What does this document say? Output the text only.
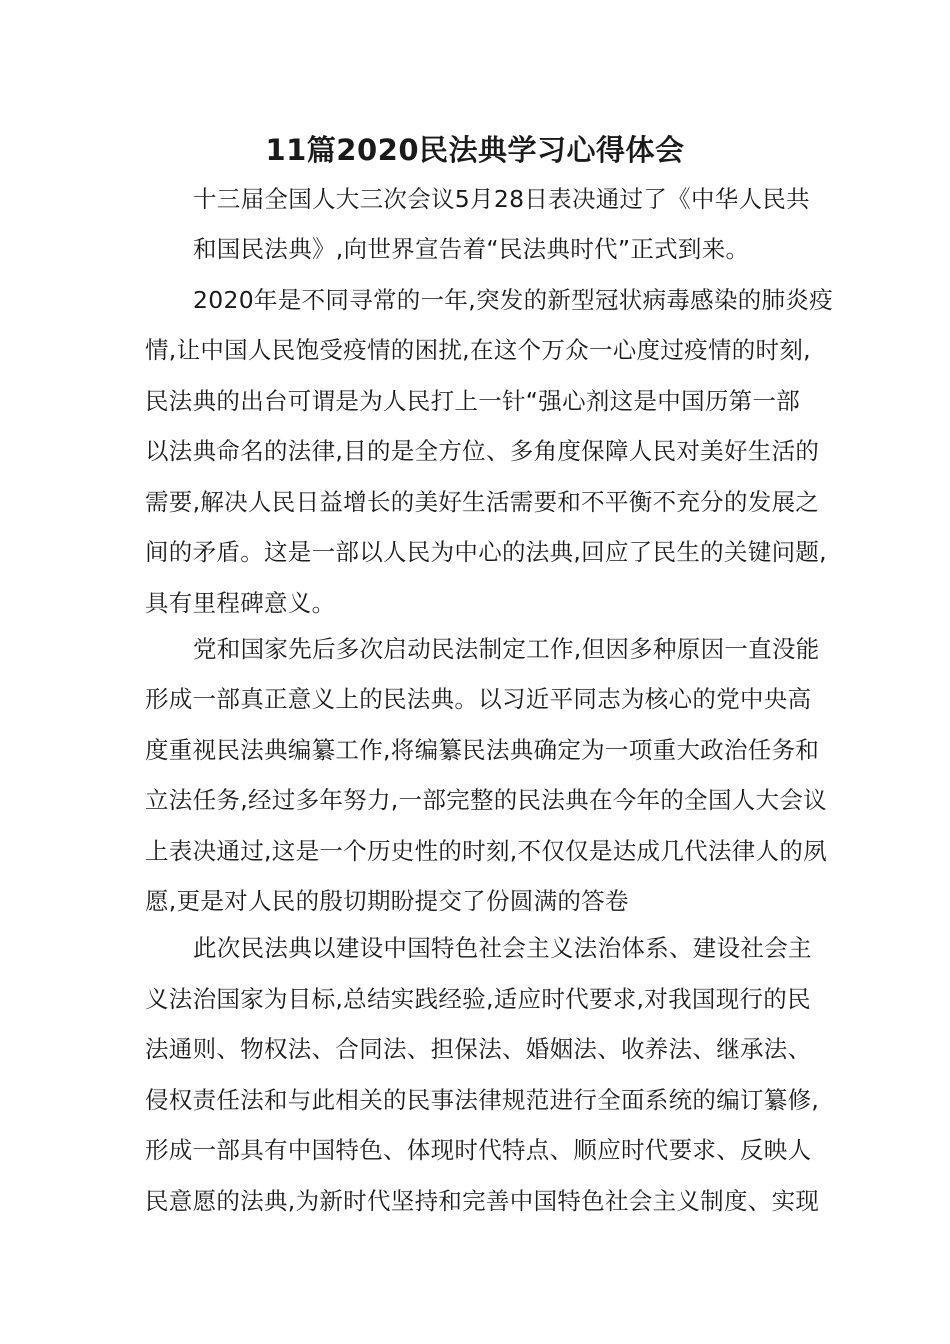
11篇2020民法典学习心得体会
十三届全国人大三次会议5月28日表决通过了《中华人民共
和国民法典》,向世界宣告着“民法典时代”正式到来。
2020年是不同寻常的一年,突发的新型冠状病毒感染的肺炎疫
情,让中国人民饱受疫情的困扰,在这个万众一心度过疫情的时刻,
民法典的出台可谓是为人民打上一针“强心剂这是中国历第一部
以法典命名的法律,目的是全方位、多角度保障人民对美好生活的
需要,解决人民日益增长的美好生活需要和不平衡不充分的发展之
间的矛盾。这是一部以人民为中心的法典,回应了民生的关键问题,
具有里程碑意义。
党和国家先后多次启动民法制定工作,但因多种原因一直没能
形成一部真正意义上的民法典。以习近平同志为核心的党中央高
度重视民法典编纂工作,将编纂民法典确定为一项重大政治任务和
立法任务,经过多年努力,一部完整的民法典在今年的全国人大会议
上表决通过,这是一个历史性的时刻,不仅仅是达成几代法律人的夙
愿,更是对人民的殷切期盼提交了份圆满的答卷
此次民法典以建设中国特色社会主义法治体系、建设社会主
义法治国家为目标,总结实践经验,适应时代要求,对我国现行的民
法通则、物权法、合同法、担保法、婚姻法、收养法、继承法、
侵权责任法和与此相关的民事法律规范进行全面系统的编订纂修,
形成一部具有中国特色、体现时代特点、顺应时代要求、反映人
民意愿的法典,为新时代坚持和完善中国特色社会主义制度、实现
